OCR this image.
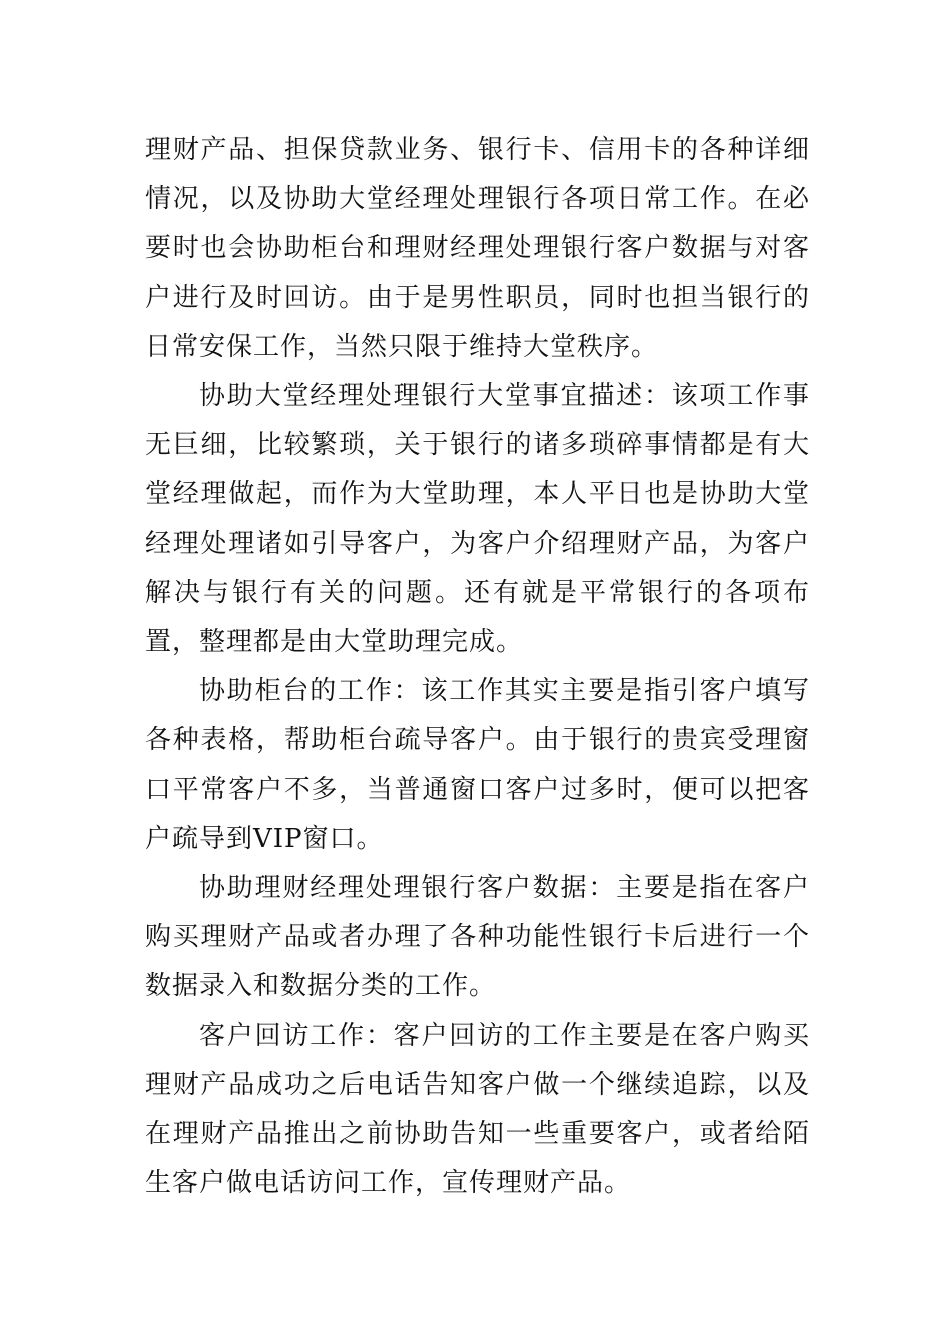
理财产品、担保贷款业务、银行卡、信用卡的各种详细情况，以及协助大堂经理处理银行各项日常工作。在必要时也会协助柜台和理财经理处理银行客户数据与对客户进行及时回访。由于是男性职员，同时也担当银行的日常安保工作，当然只限于维持大堂秩序。

协助大堂经理处理银行大堂事宜描述：该项工作事无巨细，比较繁琐，关于银行的诸多琐碎事情都是有大堂经理做起，而作为大堂助理，本人平日也是协助大堂经理处理诸如引导客户，为客户介绍理财产品，为客户解决与银行有关的问题。还有就是平常银行的各项布置，整理都是由大堂助理完成。

协助柜台的工作：该工作其实主要是指引客户填写各种表格，帮助柜台疏导客户。由于银行的贵宾受理窗口平常客户不多，当普通窗口客户过多时，便可以把客户疏导到VIP窗口。

协助理财经理处理银行客户数据：主要是指在客户购买理财产品或者办理了各种功能性银行卡后进行一个数据录入和数据分类的工作。

客户回访工作：客户回访的工作主要是在客户购买理财产品成功之后电话告知客户做一个继续追踪，以及在理财产品推出之前协助告知一些重要客户，或者给陌生客户做电话访问工作，宣传理财产品。
